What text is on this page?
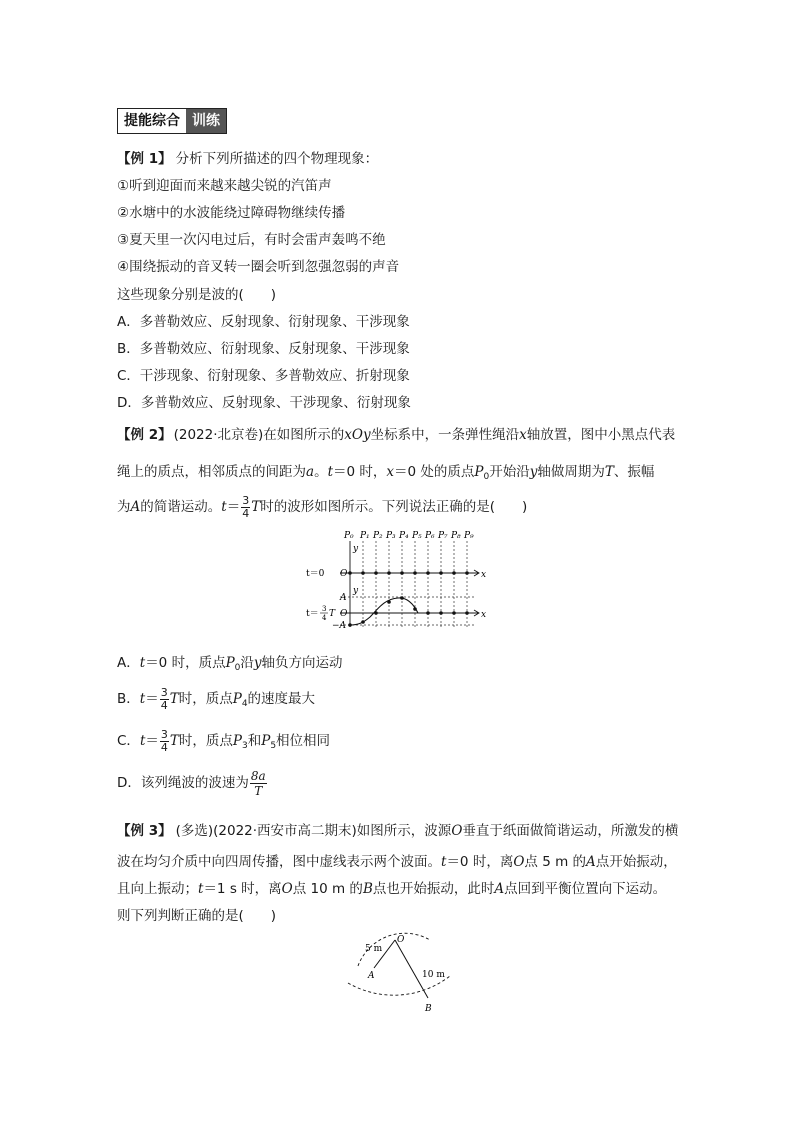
提能综合 训练
【例 1】 分析下列所描述的四个物理现象：
①听到迎面而来越来越尖锐的汽笛声
②水塘中的水波能绕过障碍物继续传播
③夏天里一次闪电过后，有时会雷声轰鸣不绝
④围绕振动的音叉转一圈会听到忽强忽弱的声音
这些现象分别是波的(　　)
A．多普勒效应、反射现象、衍射现象、干涉现象
B．多普勒效应、衍射现象、反射现象、干涉现象
C．干涉现象、衍射现象、多普勒效应、折射现象
D．多普勒效应、反射现象、干涉现象、衍射现象
【例 2】 (2022·北京卷)在如图所示的xOy坐标系中，一条弹性绳沿x轴放置，图中小黑点代表
绳上的质点，相邻质点的间距为a。t＝0 时，x＝0 处的质点$P_0$开始沿y轴做周期为T、振幅
为A的简谐运动。$t= \frac{3}{4}$ T时的波形如图所示。下列说法正确的是(　　)
P₀ P₁ P₂ P₃ P₄ P₅ P₆ P₇ P₈ P₉
t＝0 O	x
y
x
y
A
O
−A
t＝ 3
4 T
A．t＝0 时，质点$P_0$沿y轴负方向运动
B．$t= \frac{3}{4}$ T时，质点$P_4$的速度最大
C．$t= \frac{3}{4}$ T时，质点$P_3$和$P_5$相位相同
D．该列绳波的波速为 $\frac{8a}{T}$
【例 3】 (多选)(2022·西安市高二期末)如图所示，波源O垂直于纸面做简谐运动，所激发的横
波在均匀介质中向四周传播，图中虚线表示两个波面。t＝0 时，离O点 5 m 的A点开始振动，
且向上振动；t＝1 s 时，离O点 10 m 的B点也开始振动，此时A点回到平衡位置向下运动。
则下列判断正确的是(　　)
O
A
B
5 m
10 m
